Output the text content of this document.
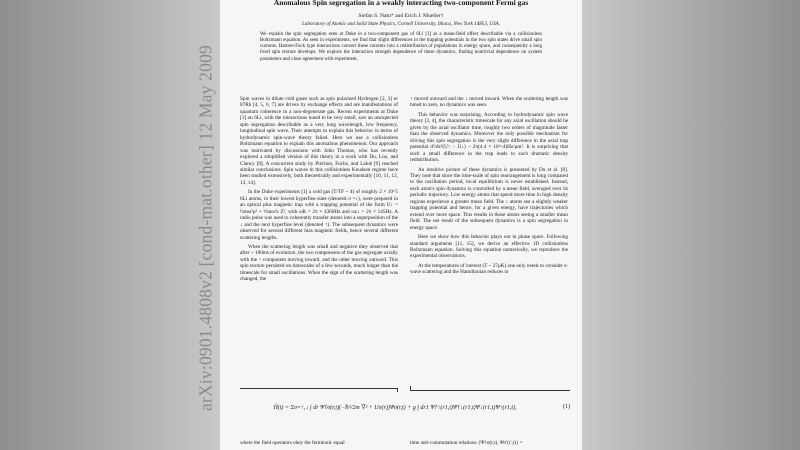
arXiv:0901.4808v2 [cond-mat.other] 12 May 2009
Anomalous Spin segregation in a weakly interacting two-component Fermi gas
Stefan S. Natu* and Erich J. Mueller†
Laboratory of Atomic and Solid State Physics, Cornell University, Ithaca, New York 14853, USA.
We explain the spin segregation seen at Duke in a two-component gas of 6Li [1] as a mean-field effect describable via a collisionless Boltzmann equation. As seen in experiments, we find that slight differences in the trapping potentials in the two spin states drive small spin currents. Hartree-Fock type interactions convert these currents into a redistribution of populations in energy space, and consequently a long lived spin texture develops. We explore the interaction strength dependence of these dynamics, finding nontrivial dependence on system parameters and close agreement with experiment.

Spin waves in dilute cold gases such as spin polarized Hydrogen [2, 3] or 87Rb [4, 5, 6, 7] are driven by exchange effects and are manifestations of quantum coherence in a non-degenerate gas. Recent experiments at Duke [1] on 6Li, with the interactions tuned to be very small, saw an unexpected spin segregation describable as a very long wavelength, low frequency, longitudinal spin wave. Their attempts to explain this behavior in terms of hydrodynamic spin-wave theory failed. Here we use a collisionless Boltzmann equation to explain this anomalous phenomenon. Our approach was motivated by discussions with John Thomas, who has recently explored a simplified version of this theory in a work with Du, Luo, and Clancy [8]. A concurrent study by Piéchon, Fuchs, and Laloë [9] reached similar conclusions. Spin waves in this collisionless Knudsen regime have been studied extensively, both theoretically and experimentally [10, 11, 12, 13, 14].

In the Duke experiments [1] a cold gas (T/TF ~ 4) of roughly 2 × 10^5 6Li atoms, in their lowest hyperfine state (denoted σ =↓), were prepared in an optical plus magnetic trap with a trapping potential of the form U↓ = ½mω²ρ² + ½mω²z Z², with ωR = 2π × 4360Hz and ωz↓ = 2π × 145Hz. A radio pulse was used to coherently transfer atoms into a superposition of the ↓ and the next hyperfine level (denoted ↑). The subsequent dynamics were observed for several different bias magnetic fields, hence several different scattering lengths.

When the scattering length was small and negative they observed that after ~ 100ms of evolution, the two components of the gas segregate axially with the ↑ component moving inward, and the other moving outward. This spin texture persisted on timescales of a few seconds, much longer than the timescale for small oscillations. When the sign of the scattering length was changed, the

↑ moved outward and the ↓ moved inward. When the scattering length was tuned to zero, no dynamics was seen.

This behavior was surprising. According to hydrodynamic spin wave theory [3, 4], the characteristic timescale for any axial oscillation should be given by the axial oscillator time, roughly two orders of magnitude faster than the observed dynamics. Moreover the only possible mechanism for driving this spin segregation is the very slight difference in the axial trap potential d²/dz²(U↑ − U↓) ~ 2π(4.4 × 10^-4)Hz/μm². It is surprising that such a small difference in the trap leads to such dramatic density redistribution.

An intuitive picture of these dynamics is presented by Du et al. [8]. They note that since the time-scale of spin rearrangement is long compared to the oscillation period, local equilibrium is never established. Instead, each atom's spin dynamics is controlled by a mean field, averaged over its periodic trajectory. Low energy atoms that spend more time in high density regions experience a greater mean field. The ↓ atoms see a slightly weaker trapping potential and hence, for a given energy, have trajectories which extend over more space. This results in those atoms seeing a smaller mean field. The net result of the subsequent dynamics is a spin segregation in energy space.

Here we show how this behavior plays out in phase space. Following standard arguments [11, 15], we derive an effective 1D collisionless Boltzmann equation. Solving this equation numerically, we reproduce the experimental observations.

At the temperatures of interest (T ~ 27μK) one only needs to consider s-wave scattering and the Hamiltonian reduces to

Ĥ(t) = Σσ=↑,↓ ∫ dr Ψ†σ(r,t)(−ℏ²/2m ∇² + Uσ(r))Ψσ(r,t) + g ∫ dr1 Ψ†↑(r1,t)Ψ†↓(r1,t)Ψ↓(r1,t)Ψ↑(r1,t),	(1)
where the field operators obey the fermionic equal	time anti-commutation relations {Ψ†σ(r,t), Ψσ'(r',t)} =
